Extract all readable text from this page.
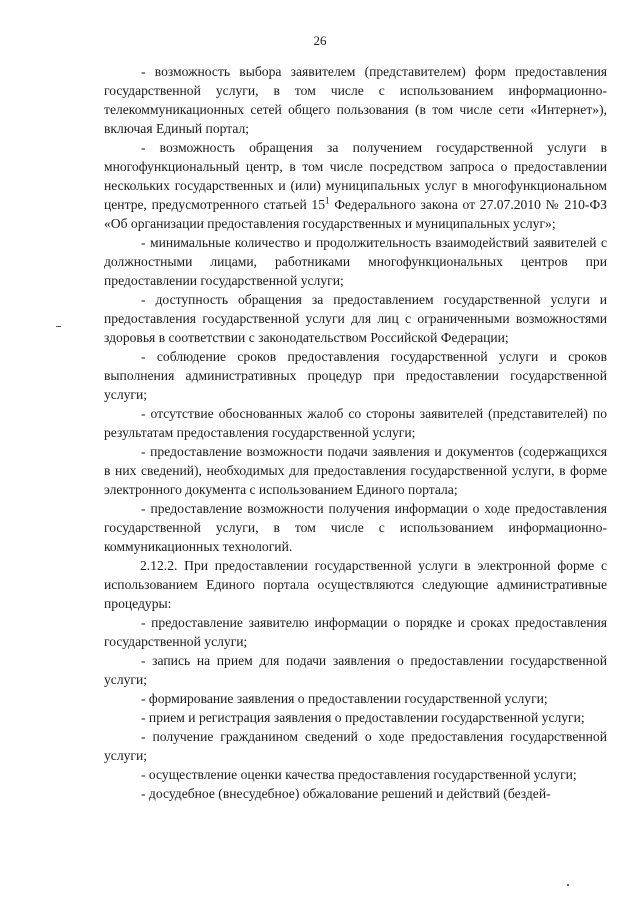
26

- возможность выбора заявителем (представителем) форм предоставления государственной услуги, в том числе с использованием информационно-телекоммуникационных сетей общего пользования (в том числе сети «Интернет»), включая Единый портал;

- возможность обращения за получением государственной услуги в многофункциональный центр, в том числе посредством запроса о предоставлении нескольких государственных и (или) муниципальных услуг в многофункциональном центре, предусмотренного статьей $15^1$ Федерального закона от 27.07.2010 № 210-ФЗ «Об организации предоставления государственных и муниципальных услуг»;

- минимальные количество и продолжительность взаимодействий заявителей с должностными лицами, работниками многофункциональных центров при предоставлении государственной услуги;

- доступность обращения за предоставлением государственной услуги и предоставления государственной услуги для лиц с ограниченными возможностями здоровья в соответствии с законодательством Российской Федерации;

- соблюдение сроков предоставления государственной услуги и сроков выполнения административных процедур при предоставлении государственной услуги;

- отсутствие обоснованных жалоб со стороны заявителей (представителей) по результатам предоставления государственной услуги;

- предоставление возможности подачи заявления и документов (содержащихся в них сведений), необходимых для предоставления государственной услуги, в форме электронного документа с использованием Единого портала;

- предоставление возможности получения информации о ходе предоставления государственной услуги, в том числе с использованием информационно-коммуникационных технологий.

2.12.2. При предоставлении государственной услуги в электронной форме с использованием Единого портала осуществляются следующие административные процедуры:

- предоставление заявителю информации о порядке и сроках предоставления государственной услуги;

- запись на прием для подачи заявления о предоставлении государственной услуги;

- формирование заявления о предоставлении государственной услуги;

- прием и регистрация заявления о предоставлении государственной услуги;

- получение гражданином сведений о ходе предоставления государственной услуги;

- осуществление оценки качества предоставления государственной услуги;

- досудебное (внесудебное) обжалование решений и действий (бездей-
